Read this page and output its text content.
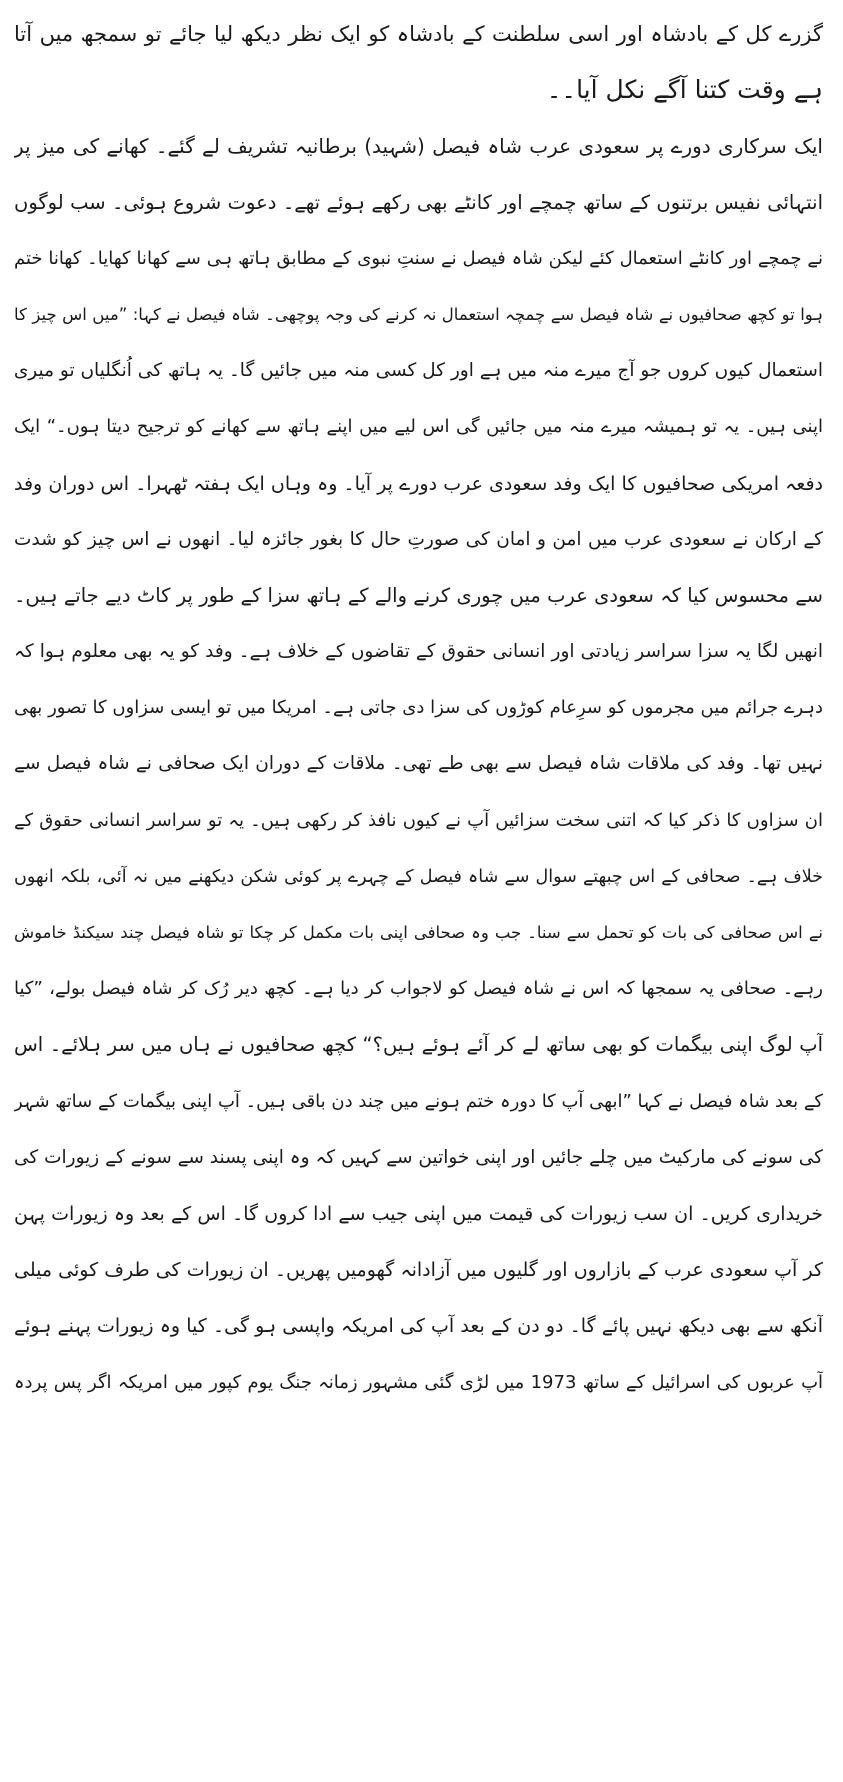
گزرے کل کے بادشاہ اور اسی سلطنت کے بادشاہ کو ایک نظر دیکھ لیا جائے تو سمجھ میں آتا
ہے وقت کتنا آگے نکل آیا۔۔
ایک سرکاری دورے پر سعودی عرب شاہ فیصل (شہید) برطانیہ تشریف لے گئے۔ کھانے کی میز پر
انتہائی نفیس برتنوں کے ساتھ چمچے اور کانٹے بھی رکھے ہوئے تھے۔ دعوت شروع ہوئی۔ سب لوگوں
نے چمچے اور کانٹے استعمال کئے لیکن شاہ فیصل نے سنتِ نبوی کے مطابق ہاتھ ہی سے کھانا کھایا۔ کھانا ختم
ہوا تو کچھ صحافیوں نے شاہ فیصل سے چمچہ استعمال نہ کرنے کی وجہ پوچھی۔ شاہ فیصل نے کہا: ”میں اس چیز کا
استعمال کیوں کروں جو آج میرے منہ میں ہے اور کل کسی منہ میں جائیں گا۔ یہ ہاتھ کی اُنگلیاں تو میری
اپنی ہیں۔ یہ تو ہمیشہ میرے منہ میں جائیں گی اس لیے میں اپنے ہاتھ سے کھانے کو ترجیح دیتا ہوں۔“ ایک
دفعہ امریکی صحافیوں کا ایک وفد سعودی عرب دورے پر آیا۔ وہ وہاں ایک ہفتہ ٹھہرا۔ اس دوران وفد
کے ارکان نے سعودی عرب میں امن و امان کی صورتِ حال کا بغور جائزہ لیا۔ انھوں نے اس چیز کو شدت
سے محسوس کیا کہ سعودی عرب میں چوری کرنے والے کے ہاتھ سزا کے طور پر کاٹ دیے جاتے ہیں۔
انھیں لگا یہ سزا سراسر زیادتی اور انسانی حقوق کے تقاضوں کے خلاف ہے۔ وفد کو یہ بھی معلوم ہوا کہ
دہرے جرائم میں مجرموں کو سرِعام کوڑوں کی سزا دی جاتی ہے۔ امریکا میں تو ایسی سزاوں کا تصور بھی
نہیں تھا۔ وفد کی ملاقات شاہ فیصل سے بھی طے تھی۔ ملاقات کے دوران ایک صحافی نے شاہ فیصل سے
ان سزاوں کا ذکر کیا کہ اتنی سخت سزائیں آپ نے کیوں نافذ کر رکھی ہیں۔ یہ تو سراسر انسانی حقوق کے
خلاف ہے۔ صحافی کے اس چبھتے سوال سے شاہ فیصل کے چہرے پر کوئی شکن دیکھنے میں نہ آئی، بلکہ انھوں
نے اس صحافی کی بات کو تحمل سے سنا۔ جب وہ صحافی اپنی بات مکمل کر چکا تو شاہ فیصل چند سیکنڈ خاموش
رہے۔ صحافی یہ سمجھا کہ اس نے شاہ فیصل کو لاجواب کر دیا ہے۔ کچھ دیر رُک کر شاہ فیصل بولے، ”کیا
آپ لوگ اپنی بیگمات کو بھی ساتھ لے کر آئے ہوئے ہیں؟“ کچھ صحافیوں نے ہاں میں سر ہلائے۔ اس
کے بعد شاہ فیصل نے کہا ”ابھی آپ کا دورہ ختم ہونے میں چند دن باقی ہیں۔ آپ اپنی بیگمات کے ساتھ شہر
کی سونے کی مارکیٹ میں چلے جائیں اور اپنی خواتین سے کہیں کہ وہ اپنی پسند سے سونے کے زیورات کی
خریداری کریں۔ ان سب زیورات کی قیمت میں اپنی جیب سے ادا کروں گا۔ اس کے بعد وہ زیورات پہن
کر آپ سعودی عرب کے بازاروں اور گلیوں میں آزادانہ گھومیں پھریں۔ ان زیورات کی طرف کوئی میلی
آنکھ سے بھی دیکھ نہیں پائے گا۔ دو دن کے بعد آپ کی امریکہ واپسی ہو گی۔ کیا وہ زیورات پہنے ہوئے
آپ عربوں کی اسرائیل کے ساتھ 1973 میں لڑی گئی مشہور زمانہ جنگ یوم کپور میں امریکہ اگر پس پردہ
